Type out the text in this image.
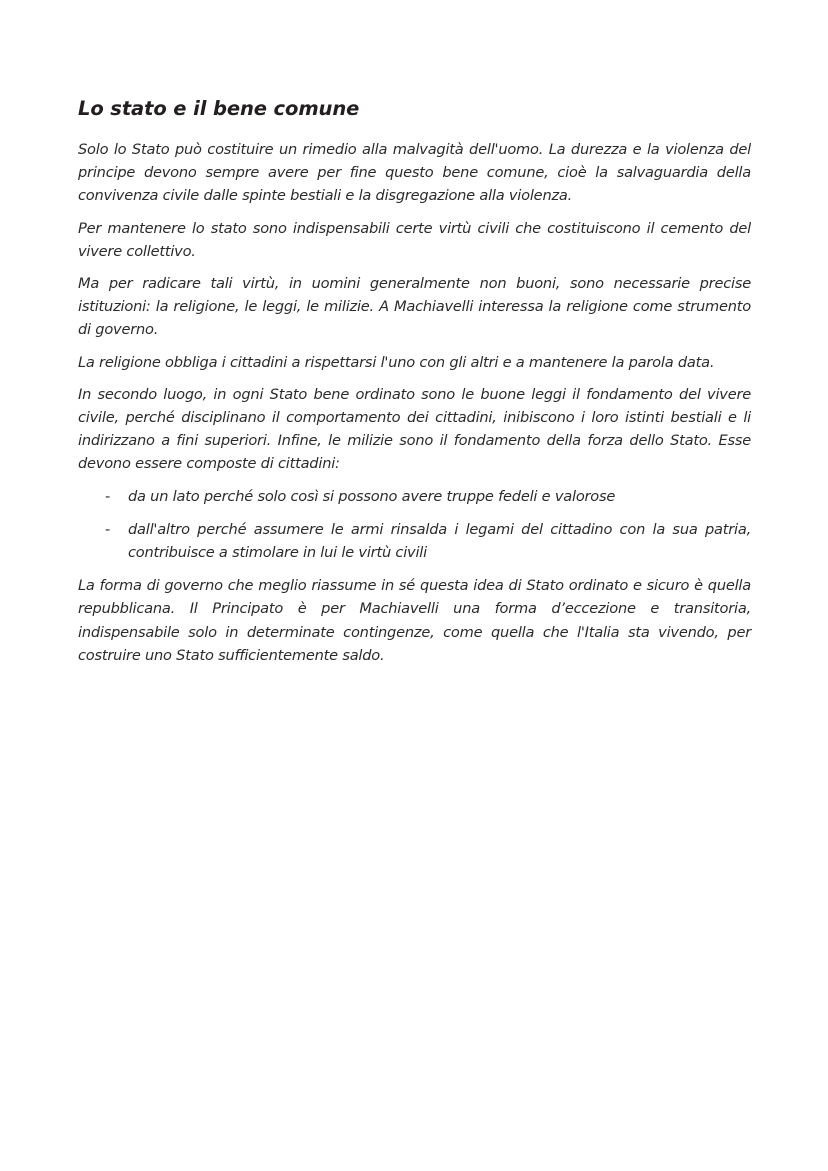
Lo stato e il bene comune

Solo lo Stato può costituire un rimedio alla malvagità dell'uomo. La durezza e la violenza del principe devono sempre avere per fine questo bene comune, cioè la salvaguardia della convivenza civile dalle spinte bestiali e la disgregazione alla violenza.

Per mantenere lo stato sono indispensabili certe virtù civili che costituiscono il cemento del vivere collettivo.

Ma per radicare tali virtù, in uomini generalmente non buoni, sono necessarie precise istituzioni: la religione, le leggi, le milizie. A Machiavelli interessa la religione come strumento di governo.

La religione obbliga i cittadini a rispettarsi l'uno con gli altri e a mantenere la parola data.

In secondo luogo, in ogni Stato bene ordinato sono le buone leggi il fondamento del vivere civile, perché disciplinano il comportamento dei cittadini, inibiscono i loro istinti bestiali e li indirizzano a fini superiori. Infine, le milizie sono il fondamento della forza dello Stato. Esse devono essere composte di cittadini:

- da un lato perché solo così si possono avere truppe fedeli e valorose
- dall'altro perché assumere le armi rinsalda i legami del cittadino con la sua patria, contribuisce a stimolare in lui le virtù civili

La forma di governo che meglio riassume in sé questa idea di Stato ordinato e sicuro è quella repubblicana. Il Principato è per Machiavelli una forma d’eccezione e transitoria, indispensabile solo in determinate contingenze, come quella che l'Italia sta vivendo, per costruire uno Stato sufficientemente saldo.
